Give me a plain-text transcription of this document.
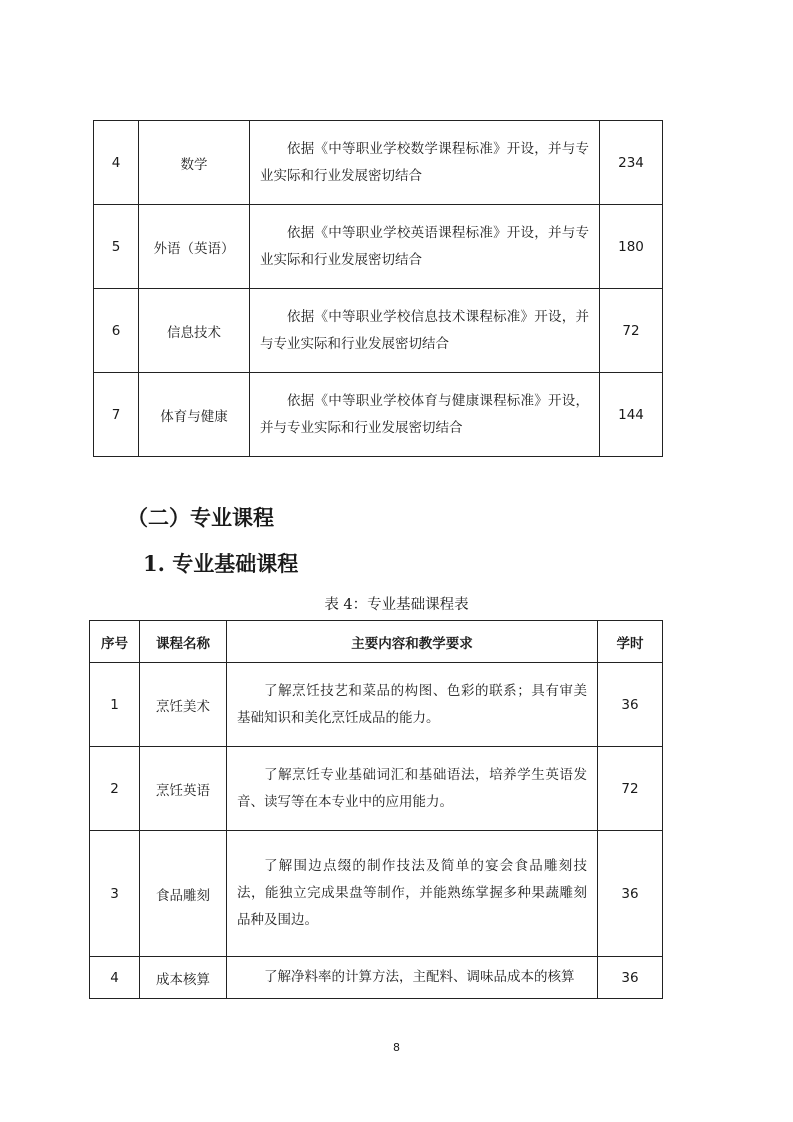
4	数学	依据《中等职业学校数学课程标准》开设，并与专业实际和行业发展密切结合	234
5	外语（英语）	依据《中等职业学校英语课程标准》开设，并与专业实际和行业发展密切结合	180
6	信息技术	依据《中等职业学校信息技术课程标准》开设，并与专业实际和行业发展密切结合	72
7	体育与健康	依据《中等职业学校体育与健康课程标准》开设，并与专业实际和行业发展密切结合	144
（二）专业课程
1. 专业基础课程
表 4：专业基础课程表
序号	课程名称	主要内容和教学要求	学时
1	烹饪美术	了解烹饪技艺和菜品的构图、色彩的联系；具有审美基础知识和美化烹饪成品的能力。	36
2	烹饪英语	了解烹饪专业基础词汇和基础语法，培养学生英语发音、读写等在本专业中的应用能力。	72
3	食品雕刻	了解围边点缀的制作技法及简单的宴会食品雕刻技法，能独立完成果盘等制作，并能熟练掌握多种果蔬雕刻品种及围边。	36
4	成本核算	了解净料率的计算方法，主配料、调味品成本的核算	36
8
